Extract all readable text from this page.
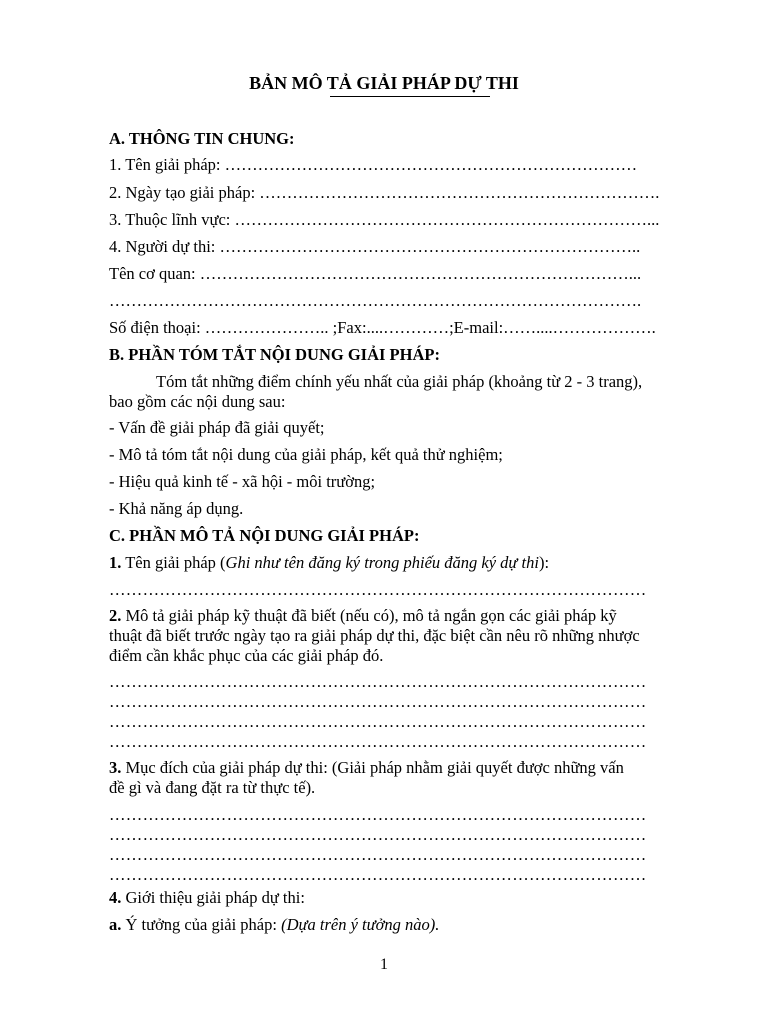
BẢN MÔ TẢ GIẢI PHÁP DỰ THI
A. THÔNG TIN CHUNG:
1. Tên giải pháp: …………………………………………………………………
2. Ngày tạo giải pháp: ……………………………………………………………….
3. Thuộc lĩnh vực: …………………………………………………………………...
4. Người dự thi: …………………………………………………………………..
Tên cơ quan: ……………………………………………………………………...
…………………………………………………………………………………….
Số điện thoại: ………………….. ;Fax:....…………;E-mail:……....……………….
B. PHẦN TÓM TẮT NỘI DUNG GIẢI PHÁP:
Tóm tắt những điểm chính yếu nhất của giải pháp (khoảng từ 2 - 3 trang),
bao gồm các nội dung sau:
- Vấn đề giải pháp đã giải quyết;
- Mô tả tóm tắt nội dung của giải pháp, kết quả thử nghiệm;
- Hiệu quả kinh tế - xã hội - môi trường;
- Khả năng áp dụng.
C. PHẦN MÔ TẢ NỘI DUNG GIẢI PHÁP:
1. Tên giải pháp (Ghi như tên đăng ký trong phiếu đăng ký dự thi):
……………………………………………………………………………………
2. Mô tả giải pháp kỹ thuật đã biết (nếu có), mô tả ngắn gọn các giải pháp kỹ
thuật đã biết trước ngày tạo ra giải pháp dự thi, đặc biệt cần nêu rõ những nhược
điểm cần khắc phục của các giải pháp đó.
……………………………………………………………………………………
……………………………………………………………………………………
……………………………………………………………………………………
……………………………………………………………………………………
3. Mục đích của giải pháp dự thi: (Giải pháp nhằm giải quyết được những vấn
đề gì và đang đặt ra từ thực tế).
……………………………………………………………………………………
……………………………………………………………………………………
……………………………………………………………………………………
……………………………………………………………………………………
4. Giới thiệu giải pháp dự thi:
a. Ý tưởng của giải pháp: (Dựa trên ý tưởng nào).
1
